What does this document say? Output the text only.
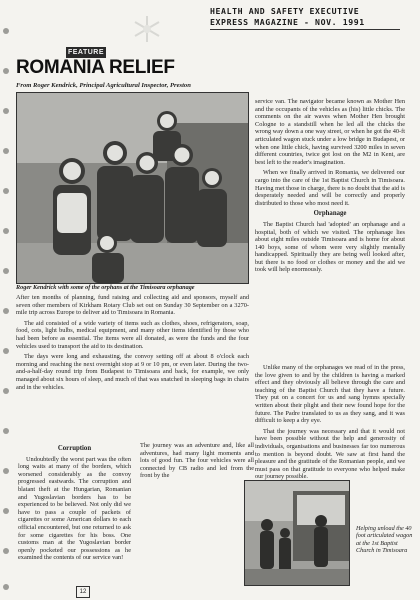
HEALTH AND SAFETY EXECUTIVE
EXPRESS MAGAZINE - NOV. 1991
FEATURE
ROMANIA RELIEF
From Roger Kendrick, Principal Agricultural Inspector, Preston
Roger Kendrick with some of the orphans at the Timisoara orphanage

After ten months of planning, fund raising and collecting aid and sponsors, myself and seven other members of Kirkham Rotary Club set out on Sunday 30 September on a 3270-mile trip across Europe to deliver aid to Timisoara in Romania.

The aid consisted of a wide variety of items such as clothes, shoes, refrigerators, soap, food, cots, light bulbs, medical equipment, and many other items identified by those who had been before as essential. The items were all donated, as were the funds and the four vehicles used to transport the aid to its destination.

The days were long and exhausting, the convoy setting off at about 8 o'clock each morning and reaching the next overnight stop at 9 or 10 pm, or even later. During the two-and-a-half-day round trip from Budapest to Timisoara and back, for example, we only managed about six hours of sleep, and much of that was snatched in sleeping bags in chairs and in the vehicles.

Corruption

Undoubtedly the worst part was the often long waits at many of the borders, which worsened considerably as the convoy progressed eastwards. The corruption and blatant theft at the Hungarian, Romanian and Yugoslavian borders has to be experienced to be believed. Not only did we have to pass a couple of packets of cigarettes or some American dollars to each official encountered, but one returned to ask for some cigarettes for his boss. One customs man at the Yugoslavian border openly pocketed our possessions as he examined the contents of our service van!

The journey was an adventure and, like all adventures, had many light moments and lots of good fun. The four vehicles were all connected by CB radio and led from the front by the

service van. The navigator became known as Mother Hen and the occupants of the vehicles as (his) little chicks. The comments on the air waves when Mother Hen brought Cologne to a standstill when he led all the chicks the wrong way down a one way street, or when he got the 40-ft articulated wagon stuck under a low bridge in Budapest, or when one little chick, having survived 3200 miles in seven different countries, twice got lost on the M2 in Kent, are best left to the reader's imagination.

When we finally arrived in Romania, we delivered our cargo into the care of the 1st Baptist Church in Timisoara. Having met those in charge, there is no doubt that the aid is desperately needed and will be correctly and properly distributed to those who most need it.

Orphanage

The Baptist Church had 'adopted' an orphanage and a hospital, both of which we visited. The orphanage lies about eight miles outside Timisoara and is home for about 140 boys, some of whom were very slightly mentally handicapped. Spiritually they are being well looked after, but there is no food or clothes or money and the aid we took will help enormously.

Unlike many of the orphanages we read of in the press, the love given to and by the children is having a marked effect and they obviously all believe through the care and teaching of the Baptist Church that they have a future. They put on a concert for us and sang hymns specially written about their plight and their new found hope for the future. The Padre translated to us as they sang, and it was difficult to keep a dry eye.

That the journey was necessary and that it would not have been possible without the help and generosity of individuals, organisations and businesses far too numerous to mention is beyond doubt. We saw at first hand the pleasure and the gratitude of the Romanian people, and we must pass on that gratitude to everyone who helped make our journey possible.

Helping unload the 40 foot articulated wagon at the 1st Baptist Church in Timisoara
12
